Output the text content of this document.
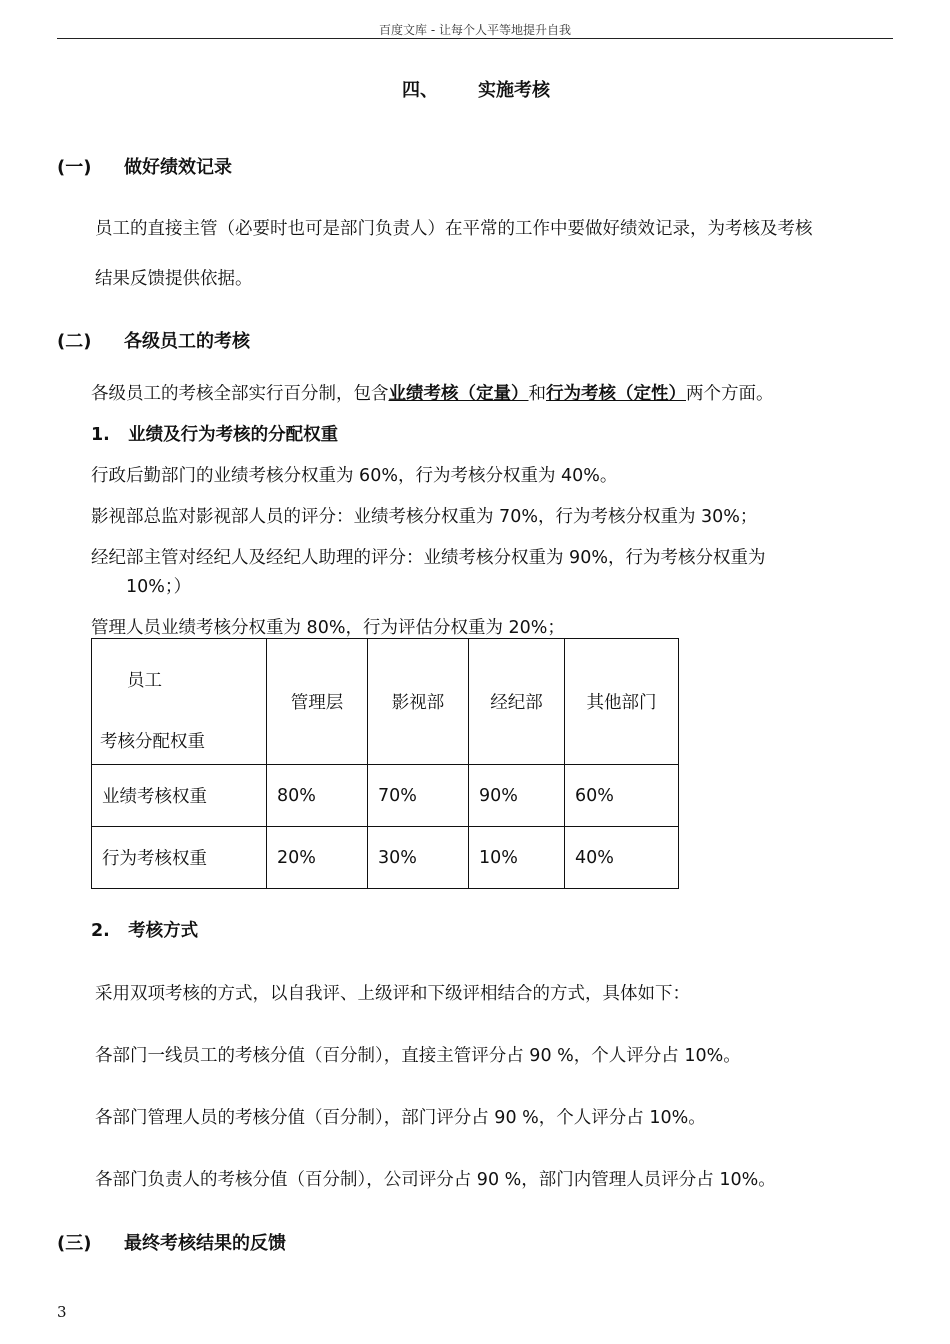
百度文库 - 让每个人平等地提升自我
四、 实施考核
(一) 做好绩效记录
员工的直接主管（必要时也可是部门负责人）在平常的工作中要做好绩效记录，为考核及考核
结果反馈提供依据。
(二) 各级员工的考核
各级员工的考核全部实行百分制，包含业绩考核（定量）和行为考核（定性）两个方面。
1.   业绩及行为考核的分配权重
行政后勤部门的业绩考核分权重为 60%，行为考核分权重为 40%。
影视部总监对影视部人员的评分：业绩考核分权重为 70%，行为考核分权重为 30%；
经纪部主管对经纪人及经纪人助理的评分：业绩考核分权重为 90%，行为考核分权重为
10%；）
管理人员业绩考核分权重为 80%，行为评估分权重为 20%；
员工
考核分配权重	管理层	影视部	经纪部	其他部门
业绩考核权重	80%	70%	90%	60%
行为考核权重	20%	30%	10%	40%
2.   考核方式
采用双项考核的方式，以自我评、上级评和下级评相结合的方式，具体如下：
各部门一线员工的考核分值（百分制），直接主管评分占 90 %，个人评分占 10%。
各部门管理人员的考核分值（百分制），部门评分占 90 %，个人评分占 10%。
各部门负责人的考核分值（百分制），公司评分占 90 %，部门内管理人员评分占 10%。
(三) 最终考核结果的反馈
3
